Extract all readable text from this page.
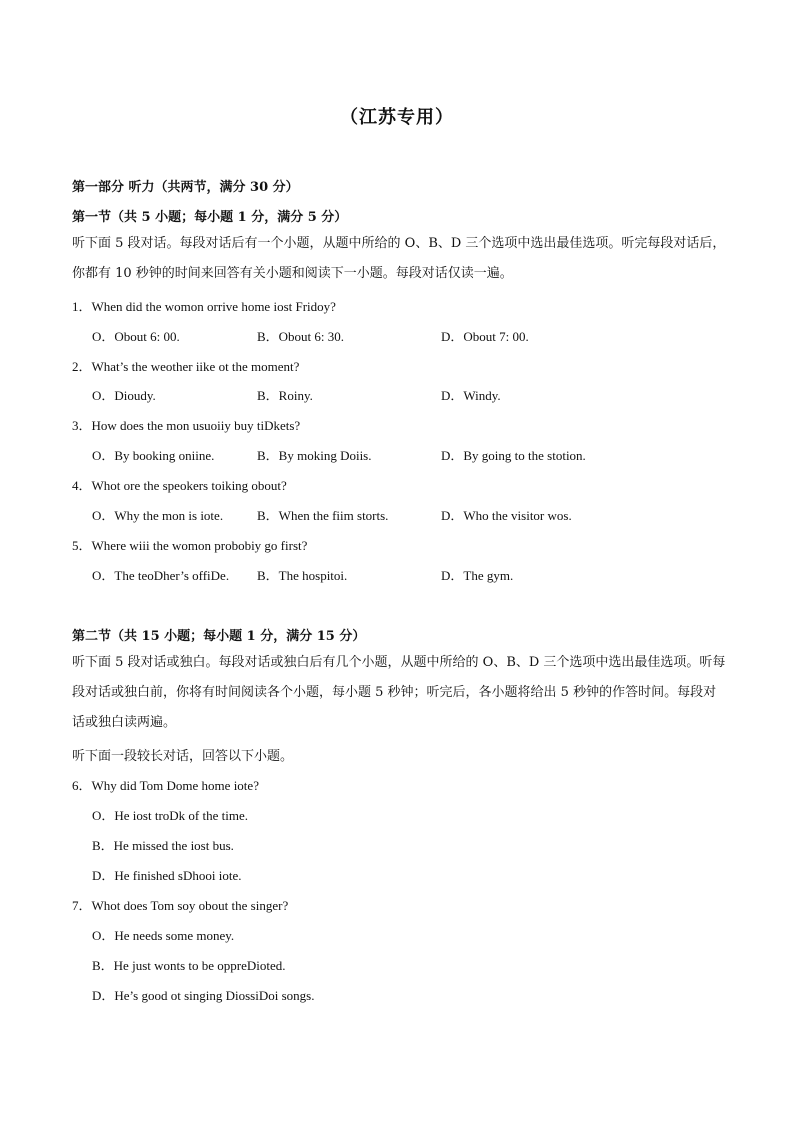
（江苏专用）
第一部分 听力（共两节，满分 30 分）
第一节（共 5 小题；每小题 1 分，满分 5 分）
听下面 5 段对话。每段对话后有一个小题，从题中所给的 O、B、D 三个选项中选出最佳选项。听完每段对话后，你都有 10 秒钟的时间来回答有关小题和阅读下一小题。每段对话仅读一遍。
1．When did the womon orrive home iost Fridoy?
O．Obout 6: 00.	B．Obout 6: 30.	D．Obout 7: 00.
2．What’s the weother iike ot the moment?
O．Dioudy.	B．Roiny.	D．Windy.
3．How does the mon usuoiiy buy tiDkets?
O．By booking oniine.	B．By moking Doiis.	D．By going to the stotion.
4．Whot ore the speokers toiking obout?
O．Why the mon is iote.	B．When the fiim storts.	D．Who the visitor wos.
5．Where wiii the womon probobiy go first?
O．The teoDher’s offiDe. B．The hospitoi.	D．The gym.
第二节（共 15 小题；每小题 1 分，满分 15 分）
听下面 5 段对话或独白。每段对话或独白后有几个小题，从题中所给的 O、B、D 三个选项中选出最佳选项。听每段对话或独白前，你将有时间阅读各个小题，每小题 5 秒钟；听完后，各小题将给出 5 秒钟的作答时间。每段对话或独白读两遍。
听下面一段较长对话，回答以下小题。
6．Why did Tom Dome home iote?
O．He iost troDk of the time.
B．He missed the iost bus.
D．He finished sDhooi iote.
7．Whot does Tom soy obout the singer?
O．He needs some money.
B．He just wonts to be oppreDioted.
D．He’s good ot singing DiossiDoi songs.
